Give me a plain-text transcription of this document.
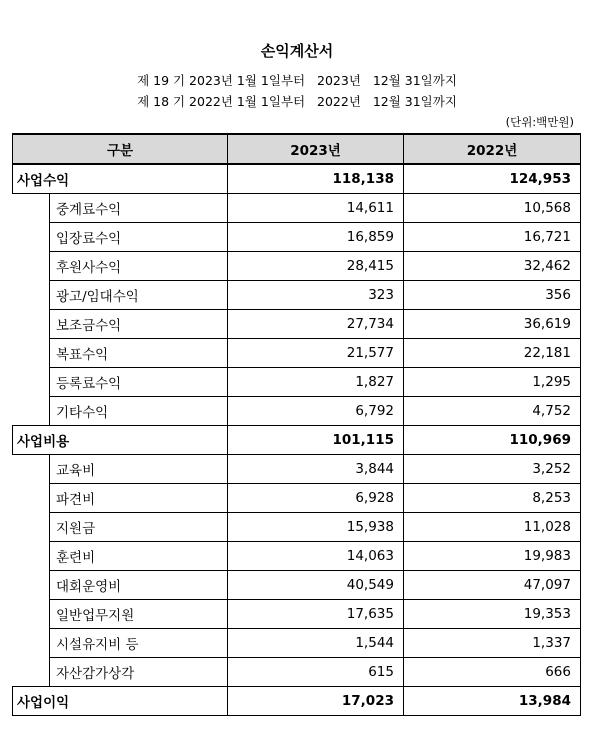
손익계산서
제 19 기 2023년 1월 1일부터   2023년   12월 31일까지
제 18 기 2022년 1월 1일부터   2022년   12월 31일까지
(단위:백만원)
구분		2023년	2022년
사업수익		118,138	124,953
	중계료수익	14,611	10,568
	입장료수익	16,859	16,721
	후원사수익	28,415	32,462
	광고/임대수익	323	356
	보조금수익	27,734	36,619
	복표수익	21,577	22,181
	등록료수익	1,827	1,295
	기타수익	6,792	4,752
사업비용		101,115	110,969
	교육비	3,844	3,252
	파견비	6,928	8,253
	지원금	15,938	11,028
	훈련비	14,063	19,983
	대회운영비	40,549	47,097
	일반업무지원	17,635	19,353
	시설유지비 등	1,544	1,337
	자산감가상각	615	666
사업이익		17,023	13,984
